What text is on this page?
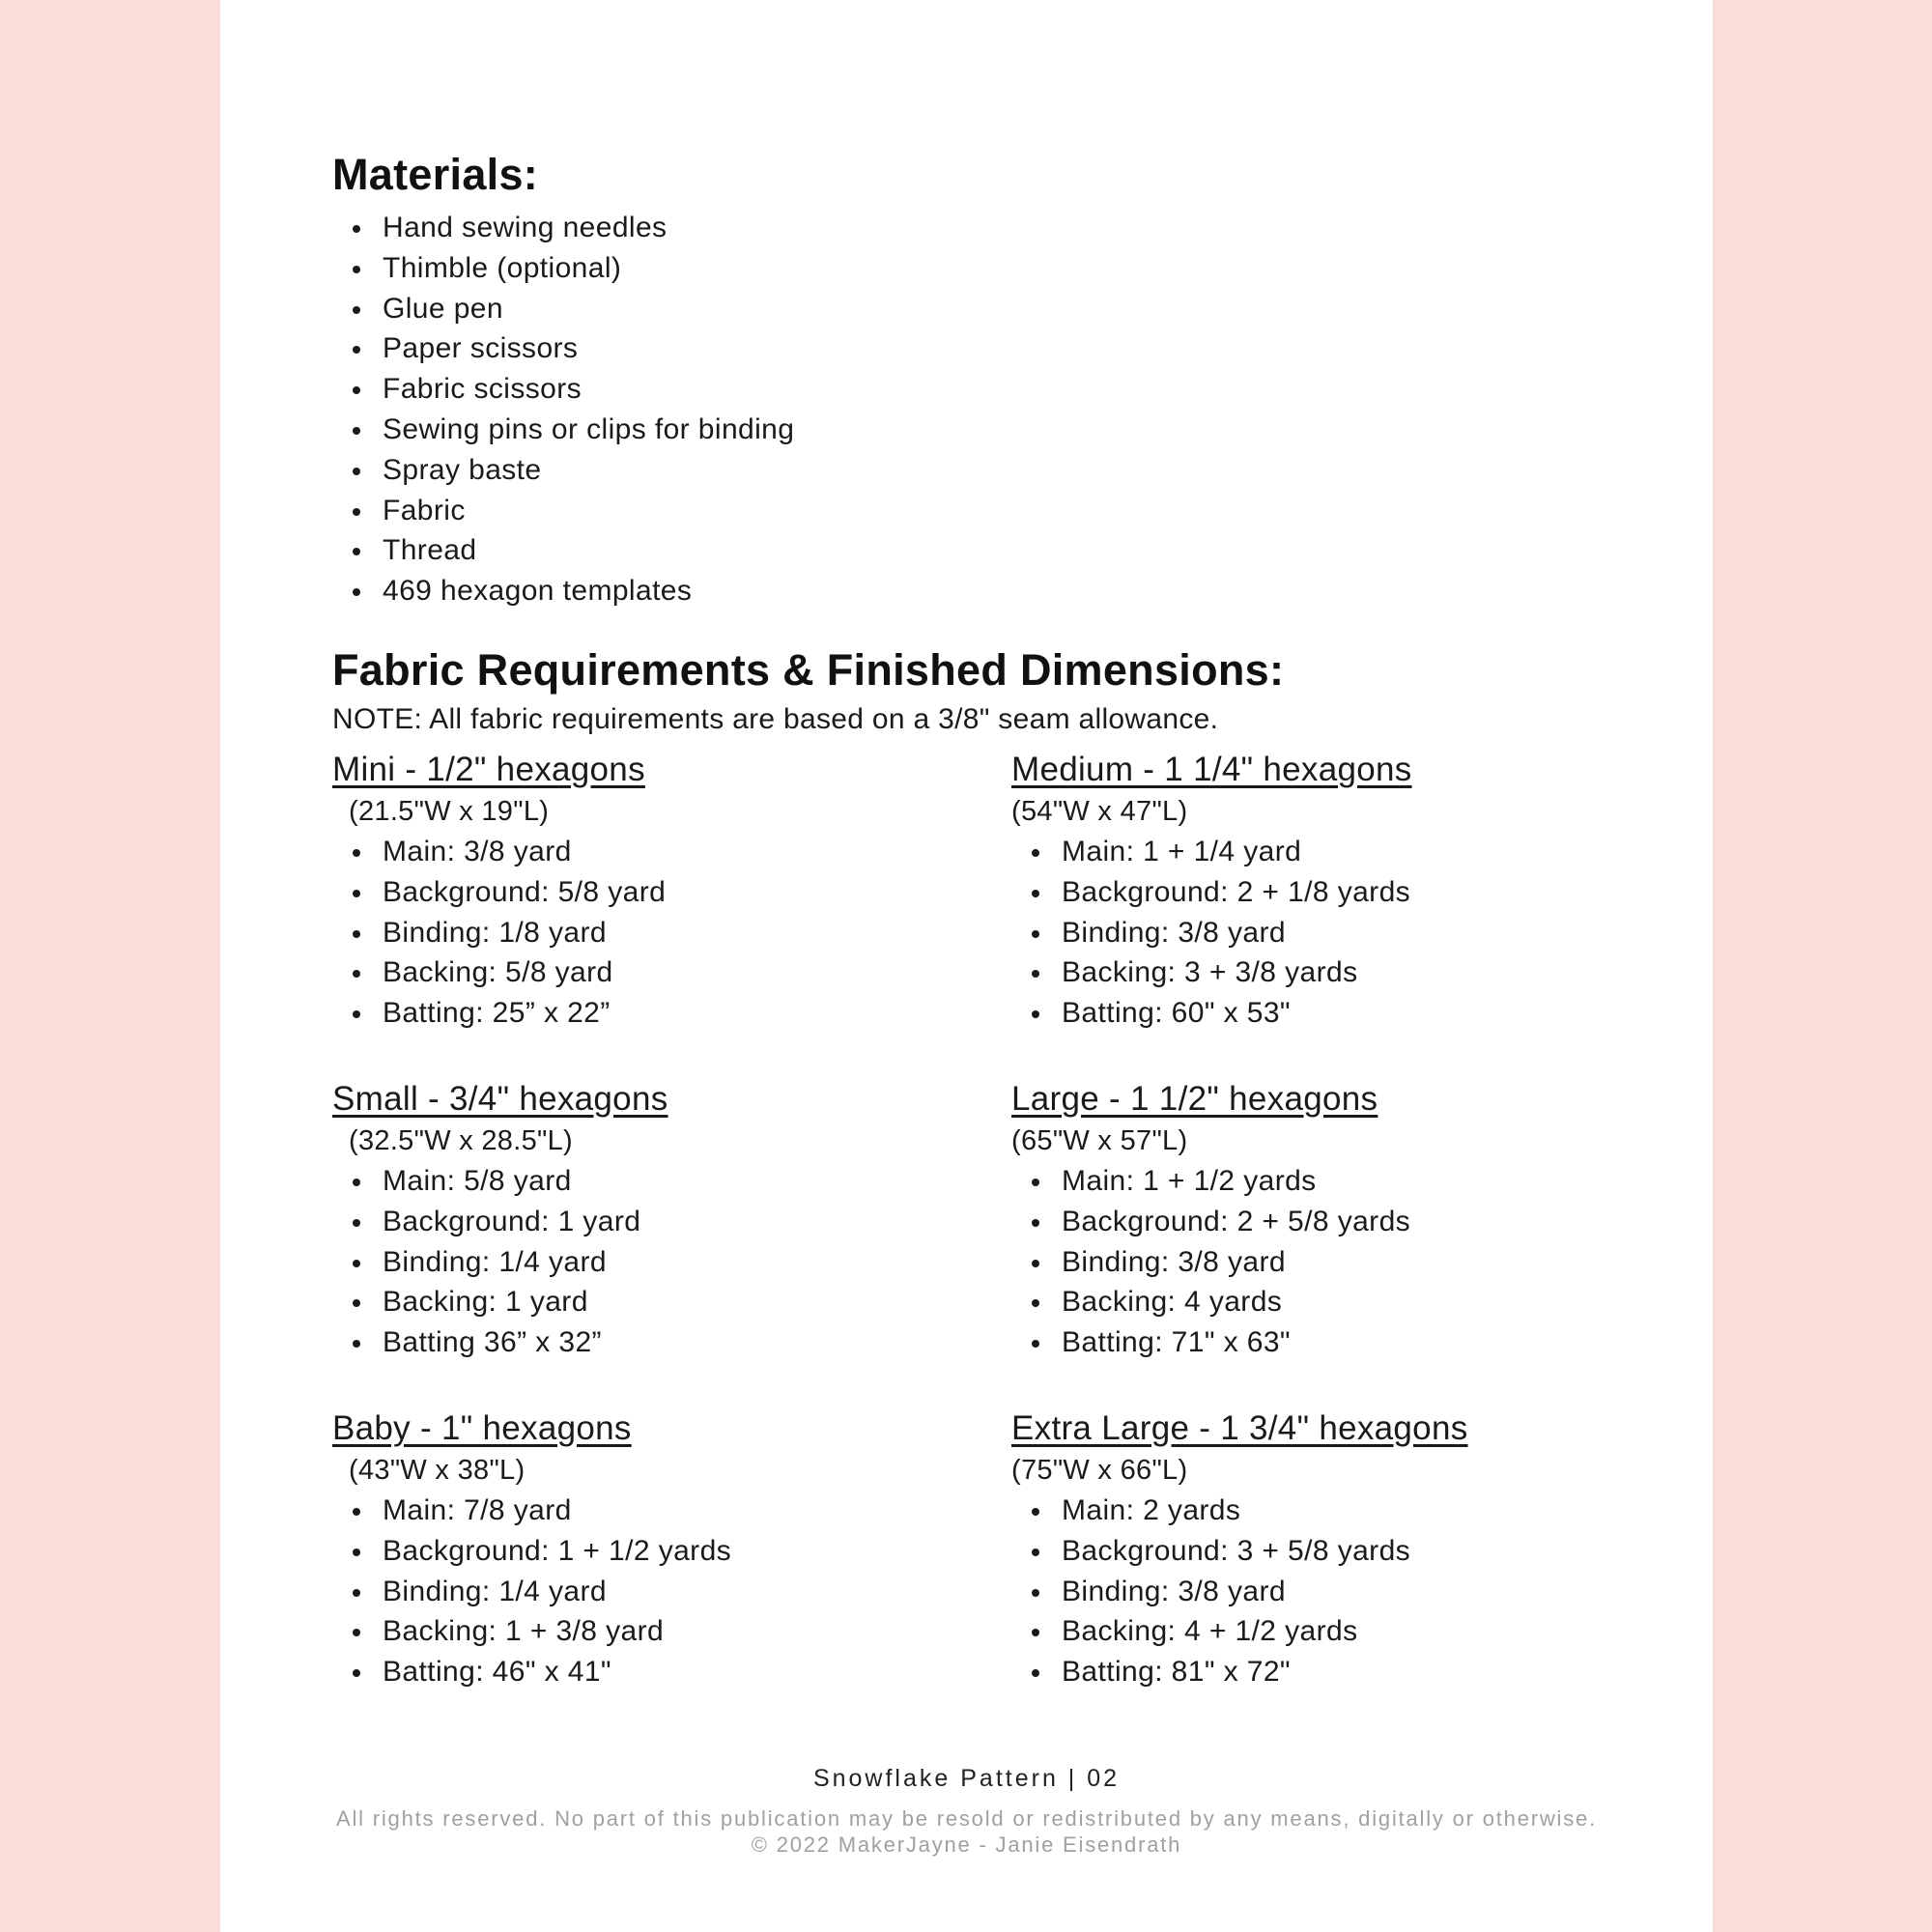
Materials:
Hand sewing needles
Thimble (optional)
Glue pen
Paper scissors
Fabric scissors
Sewing pins or clips for binding
Spray baste
Fabric
Thread
469 hexagon templates
Fabric Requirements & Finished Dimensions:
NOTE: All fabric requirements are based on a 3/8" seam allowance.
Mini - 1/2" hexagons
(21.5"W x 19"L)
Main: 3/8 yard
Background: 5/8 yard
Binding: 1/8 yard
Backing: 5/8 yard
Batting: 25” x 22”
Small - 3/4" hexagons
(32.5"W x 28.5"L)
Main: 5/8 yard
Background: 1 yard
Binding: 1/4 yard
Backing: 1 yard
Batting 36” x 32”
Baby - 1" hexagons
(43"W x 38"L)
Main: 7/8 yard
Background: 1 + 1/2 yards
Binding: 1/4 yard
Backing: 1 + 3/8 yard
Batting: 46" x 41"
Medium - 1 1/4" hexagons
(54"W x 47"L)
Main: 1 + 1/4 yard
Background: 2 + 1/8 yards
Binding: 3/8 yard
Backing: 3 + 3/8 yards
Batting: 60" x 53"
Large - 1 1/2" hexagons
(65"W x 57"L)
Main: 1 + 1/2 yards
Background: 2 + 5/8 yards
Binding: 3/8 yard
Backing: 4 yards
Batting: 71" x 63"
Extra Large - 1 3/4" hexagons
(75"W x 66"L)
Main: 2 yards
Background: 3 + 5/8 yards
Binding: 3/8 yard
Backing: 4 + 1/2 yards
Batting: 81" x 72"
Snowflake Pattern | 02
All rights reserved. No part of this publication may be resold or redistributed by any means, digitally or otherwise.
© 2022 MakerJayne - Janie Eisendrath
